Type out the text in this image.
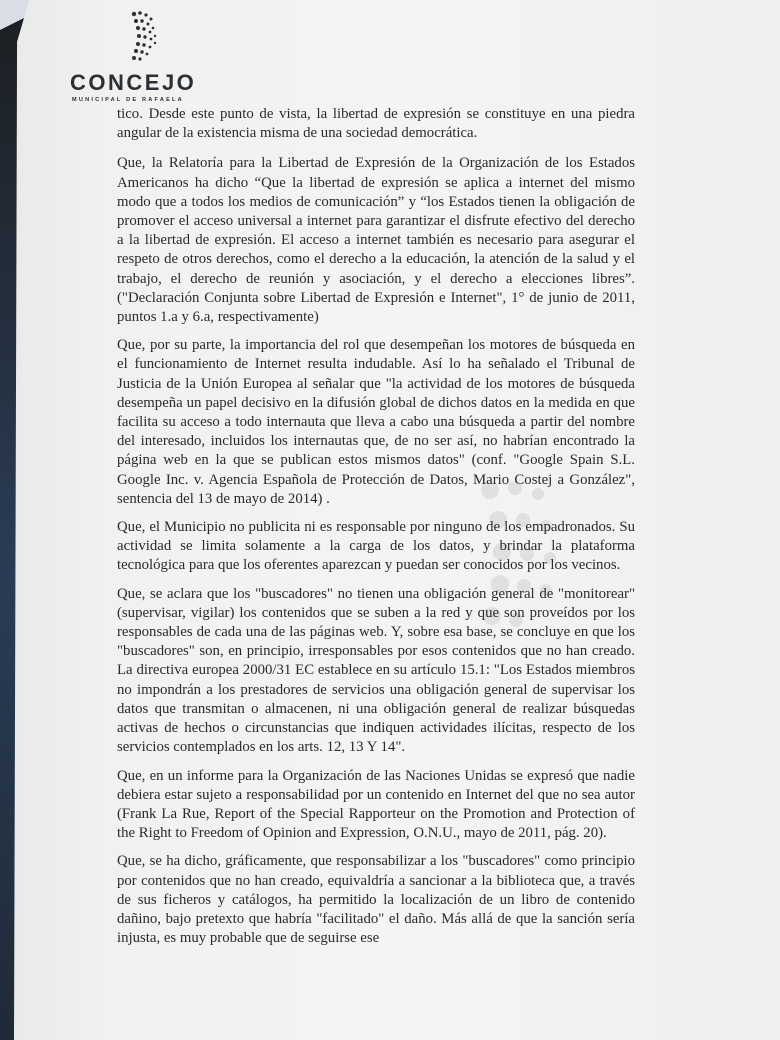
CONCEJO
MUNICIPAL DE RAFAELA

tico. Desde este punto de vista, la libertad de expresión se constituye en una piedra angular de la existencia misma de una sociedad democrática.

Que, la Relatoría para la Libertad de Expresión de la Organización de los Estados Americanos ha dicho “Que la libertad de expresión se aplica a internet del mismo modo que a todos los medios de comunicación” y “los Estados tienen la obligación de promover el acceso universal a internet para garantizar el disfrute efectivo del derecho a la libertad de expresión. El acceso a internet también es necesario para asegurar el respeto de otros derechos, como el derecho a la educación, la atención de la salud y el trabajo, el derecho de reunión y asociación, y el derecho a elecciones libres”. ("Declaración Conjunta sobre Libertad de Expresión e Internet", 1° de junio de 2011, puntos 1.a y 6.a, respectivamente)

Que, por su parte, la importancia del rol que desempeñan los motores de búsqueda en el funcionamiento de Internet resulta indudable. Así lo ha señalado el Tribunal de Justicia de la Unión Europea al señalar que "la actividad de los motores de búsqueda desempeña un papel decisivo en la difusión global de dichos datos en la medida en que facilita su acceso a todo internauta que lleva a cabo una búsqueda a partir del nombre del interesado, incluidos los internautas que, de no ser así, no habrían encontrado la página web en la que se publican estos mismos datos" (conf. "Google Spain S.L. Google Inc. v. Agencia Española de Protección de Datos, Mario Costej a González", sentencia del 13 de mayo de 2014) .

Que, el Municipio no publicita ni es responsable por ninguno de los empadronados. Su actividad se limita solamente a la carga de los datos, y brindar la plataforma tecnológica para que los oferentes aparezcan y puedan ser conocidos por los vecinos.

Que, se aclara que los "buscadores" no tienen una obligación general de "monitorear" (supervisar, vigilar) los contenidos que se suben a la red y que son proveídos por los responsables de cada una de las páginas web. Y, sobre esa base, se concluye en que los "buscadores" son, en principio, irresponsables por esos contenidos que no han creado. La directiva europea 2000/31 EC establece en su artículo 15.1: "Los Estados miembros no impondrán a los prestadores de servicios una obligación general de supervisar los datos que transmitan o almacenen, ni una obligación general de realizar búsquedas activas de hechos o circunstancias que indiquen actividades ilícitas, respecto de los servicios contemplados en los arts. 12, 13 Y 14".

Que, en un informe para la Organización de las Naciones Unidas se expresó que nadie debiera estar sujeto a responsabilidad por un contenido en Internet del que no sea autor (Frank La Rue, Report of the Special Rapporteur on the Promotion and Protection of the Right to Freedom of Opinion and Expression, O.N.U., mayo de 2011, pág. 20).

Que, se ha dicho, gráficamente, que responsabilizar a los "buscadores" como principio por contenidos que no han creado, equivaldría a sancionar a la biblioteca que, a través de sus ficheros y catálogos, ha permitido la localización de un libro de contenido dañino, bajo pretexto que habría "facilitado" el daño. Más allá de que la sanción sería injusta, es muy probable que de seguirse ese
